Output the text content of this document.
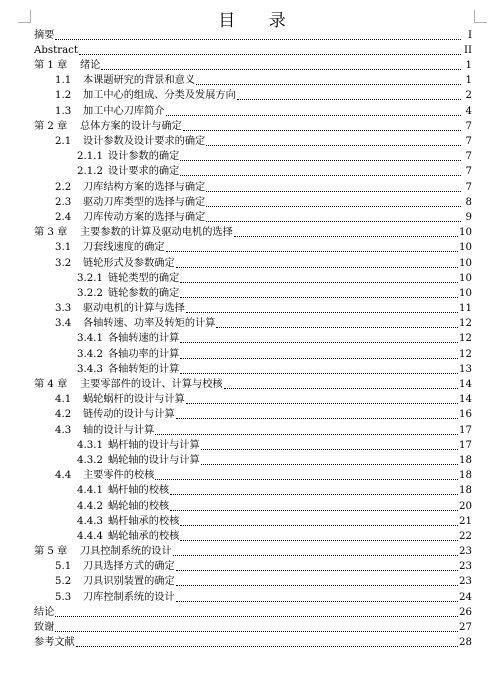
目 录
摘要	I
Abstract	II
第 1 章	绪论	1
1.1	本课题研究的背景和意义	1
1.2	加工中心的组成、分类及发展方向	2
1.3	加工中心刀库简介	4
第 2 章	总体方案的设计与确定	7
2.1	设计参数及设计要求的确定	7
2.1.1 设计参数的确定	7
2.1.2 设计要求的确定	7
2.2	刀库结构方案的选择与确定	7
2.3	驱动刀库类型的选择与确定	8
2.4	刀库传动方案的选择与确定	9
第 3 章	主要参数的计算及驱动电机的选择	10
3.1	刀套线速度的确定	10
3.2	链轮形式及参数确定	10
3.2.1 链轮类型的确定	10
3.2.2 链轮参数的确定	10
3.3	驱动电机的计算与选择	11
3.4	各轴转速、功率及转矩的计算	12
3.4.1 各轴转速的计算	12
3.4.2 各轴功率的计算	12
3.4.3 各轴转矩的计算	13
第 4 章	主要零部件的设计、计算与校核	14
4.1	蜗轮蜗杆的设计与计算	14
4.2	链传动的设计与计算	16
4.3	轴的设计与计算	17
4.3.1 蜗杆轴的设计与计算	17
4.3.2 蜗轮轴的设计与计算	18
4.4	主要零件的校核	18
4.4.1 蜗杆轴的校核	18
4.4.2 蜗轮轴的校核	20
4.4.3 蜗杆轴承的校核	21
4.4.4 蜗轮轴承的校核	22
第 5 章	刀具控制系统的设计	23
5.1	刀具选择方式的确定	23
5.2	刀具识别装置的确定	23
5.3	刀库控制系统的设计	24
结论	26
致谢	27
参考文献	28
